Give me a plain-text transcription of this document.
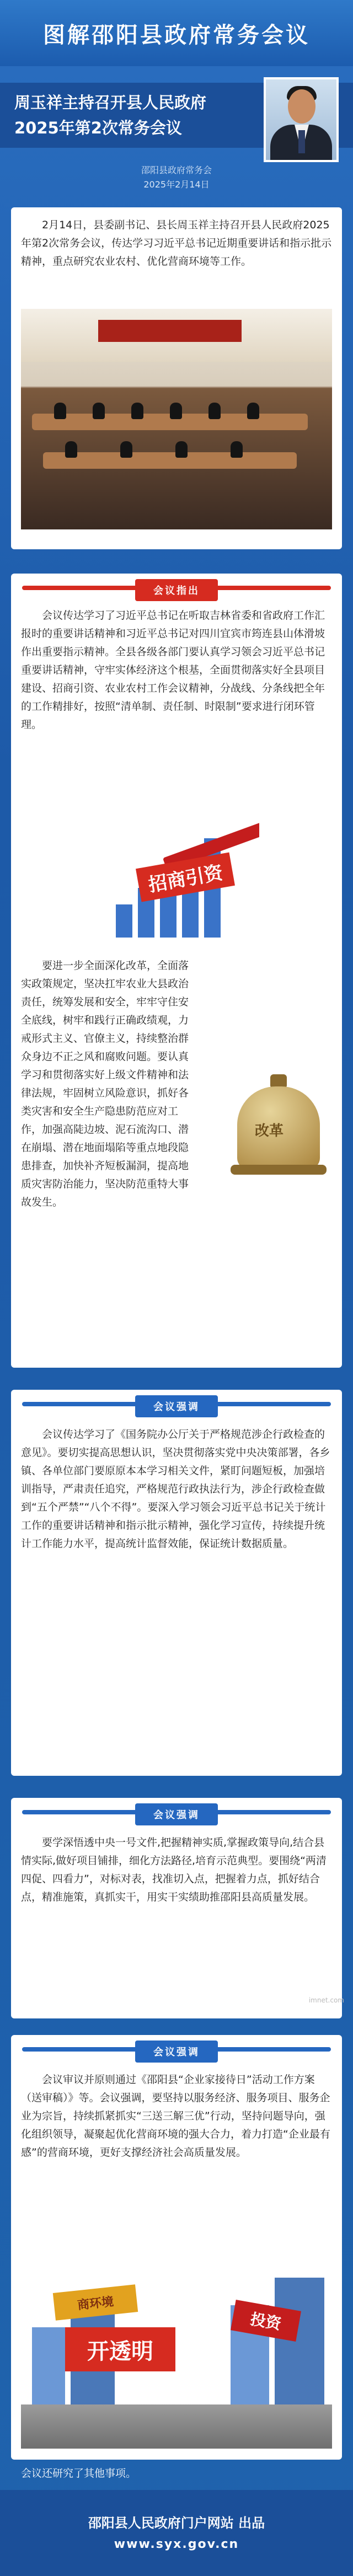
图解邵阳县政府常务会议
周玉祥主持召开县人民政府
2025年第2次常务会议
邵阳县政府常务会
2025年2月14日

2月14日，县委副书记、县长周玉祥主持召开县人民政府2025年第2次常务会议，传达学习习近平总书记近期重要讲话和指示批示精神，重点研究农业农村、优化营商环境等工作。

会议指出

会议传达学习了习近平总书记在听取吉林省委和省政府工作汇报时的重要讲话精神和习近平总书记对四川宜宾市筠连县山体滑坡作出重要指示精神。全县各级各部门要认真学习领会习近平总书记重要讲话精神，守牢实体经济这个根基，全面贯彻落实好全县项目建设、招商引资、农业农村工作会议精神，分战线、分条线把全年的工作精排好，按照“清单制、责任制、时限制”要求进行闭环管理。

招商引资

要进一步全面深化改革，全面落实政策规定，坚决扛牢农业大县政治责任，统筹发展和安全，牢牢守住安全底线，树牢和践行正确政绩观，力戒形式主义、官僚主义，持续整治群众身边不正之风和腐败问题。要认真学习和贯彻落实好上级文件精神和法律法规，牢固树立风险意识，抓好各类灾害和安全生产隐患防范应对工作，加强高陡边坡、泥石流沟口、潜在崩塌、潜在地面塌陷等重点地段隐患排查，加快补齐短板漏洞，提高地质灾害防治能力，坚决防范重特大事故发生。

改革
会议强调

会议传达学习了《国务院办公厅关于严格规范涉企行政检查的意见》。要切实提高思想认识，坚决贯彻落实党中央决策部署，各乡镇、各单位部门要原原本本学习相关文件，紧盯问题短板，加强培训指导，严肃责任追究，严格规范行政执法行为，涉企行政检查做到“五个严禁”“八个不得”。要深入学习领会习近平总书记关于统计工作的重要讲话精神和指示批示精神，强化学习宣传，持续提升统计工作能力水平，提高统计监督效能，保证统计数据质量。

会议强调

要学深悟透中央一号文件,把握精神实质,掌握政策导向,结合县情实际,做好项目铺排，细化方法路径,培育示范典型。要围绕“两清四促、四看力”，对标对表，找准切入点，把握着力点，抓好结合点，精准施策，真抓实干，用实干实绩助推邵阳县高质量发展。

会议强调

会议审议并原则通过《邵阳县“企业家接待日”活动工作方案（送审稿）》等。会议强调，要坚持以服务经济、服务项目、服务企业为宗旨，持续抓紧抓实“三送三解三优”行动，坚持问题导向，强化组织领导，凝聚起优化营商环境的强大合力，着力打造“企业最有感”的营商环境，更好支撑经济社会高质量发展。

商环境
开透明
投资
会议还研究了其他事项。
imnet.com
邵阳县人民政府门户网站 出品
www.syx.gov.cn
